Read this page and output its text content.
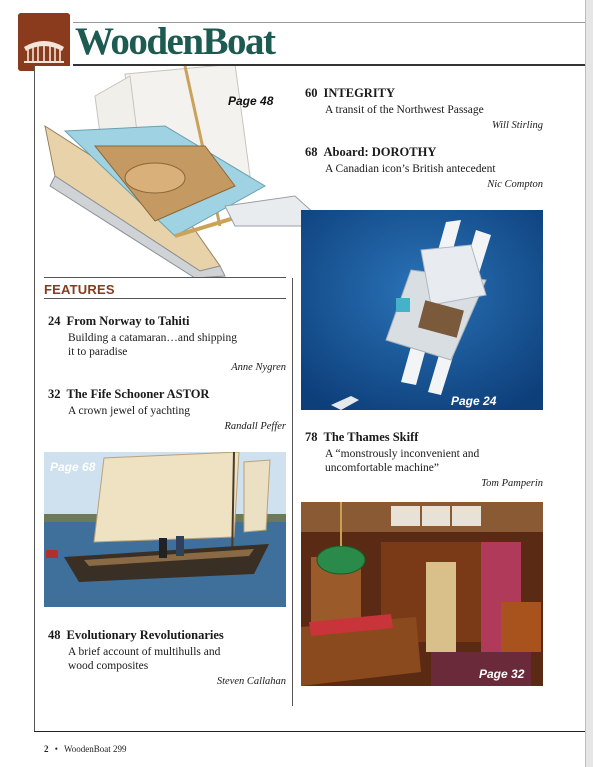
WoodenBoat
Page 48
FEATURES
24 From Norway to Tahiti
Building a catamaran…and shipping
it to paradise
Anne Nygren
32 The Fife Schooner ASTOR
A crown jewel of yachting
Randall Peffer
Page 68
48 Evolutionary Revolutionaries
A brief account of multihulls and
wood composites
Steven Callahan
60 INTEGRITY
A transit of the Northwest Passage
Will Stirling
68 Aboard: DOROTHY
A Canadian icon’s British antecedent
Nic Compton
Page 24
78 The Thames Skiff
A “monstrously inconvenient and
uncomfortable machine”
Tom Pamperin
Page 32
2 • WoodenBoat 299
